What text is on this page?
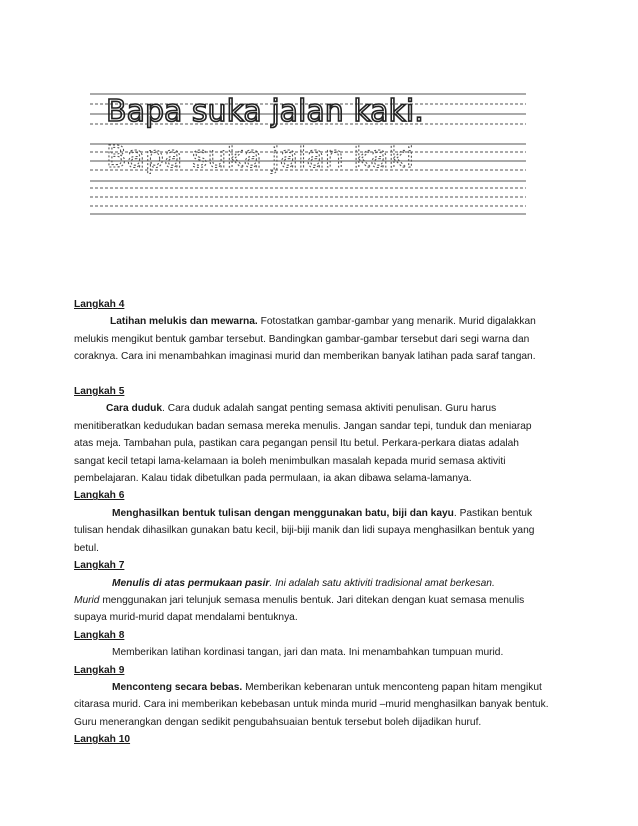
Bapa suka jalan kaki.
Bapa suka jalan kaki
Langkah 4
Latihan melukis dan mewarna. Fotostatkan gambar-gambar yang menarik. Murid digalakkan
melukis mengikut bentuk gambar tersebut. Bandingkan gambar-gambar tersebut dari segi warna dan
coraknya. Cara ini menambahkan imaginasi murid dan memberikan banyak latihan pada saraf tangan.

Langkah 5
Cara duduk. Cara duduk adalah sangat penting semasa aktiviti penulisan. Guru harus
menitiberatkan kedudukan badan semasa mereka menulis. Jangan sandar tepi, tunduk dan meniarap
atas meja. Tambahan pula, pastikan cara pegangan pensil Itu betul. Perkara-perkara diatas adalah
sangat kecil tetapi lama-kelamaan ia boleh menimbulkan masalah kepada murid semasa aktiviti
pembelajaran. Kalau tidak dibetulkan pada permulaan, ia akan dibawa selama-lamanya.
Langkah 6
Menghasilkan bentuk tulisan dengan menggunakan batu, biji dan kayu. Pastikan bentuk
tulisan hendak dihasilkan gunakan batu kecil, biji-biji manik dan lidi supaya menghasilkan bentuk yang
betul.
Langkah 7
Menulis di atas permukaan pasir. Ini adalah satu aktiviti tradisional amat berkesan.
Murid menggunakan jari telunjuk semasa menulis bentuk. Jari ditekan dengan kuat semasa menulis
supaya murid-murid dapat mendalami bentuknya.
Langkah 8
Memberikan latihan kordinasi tangan, jari dan mata. Ini menambahkan tumpuan murid.
Langkah 9
Menconteng secara bebas. Memberikan kebenaran untuk menconteng papan hitam mengikut
citarasa murid. Cara ini memberikan kebebasan untuk minda murid –murid menghasilkan banyak bentuk.
Guru menerangkan dengan sedikit pengubahsuaian bentuk tersebut boleh dijadikan huruf.
Langkah 10
